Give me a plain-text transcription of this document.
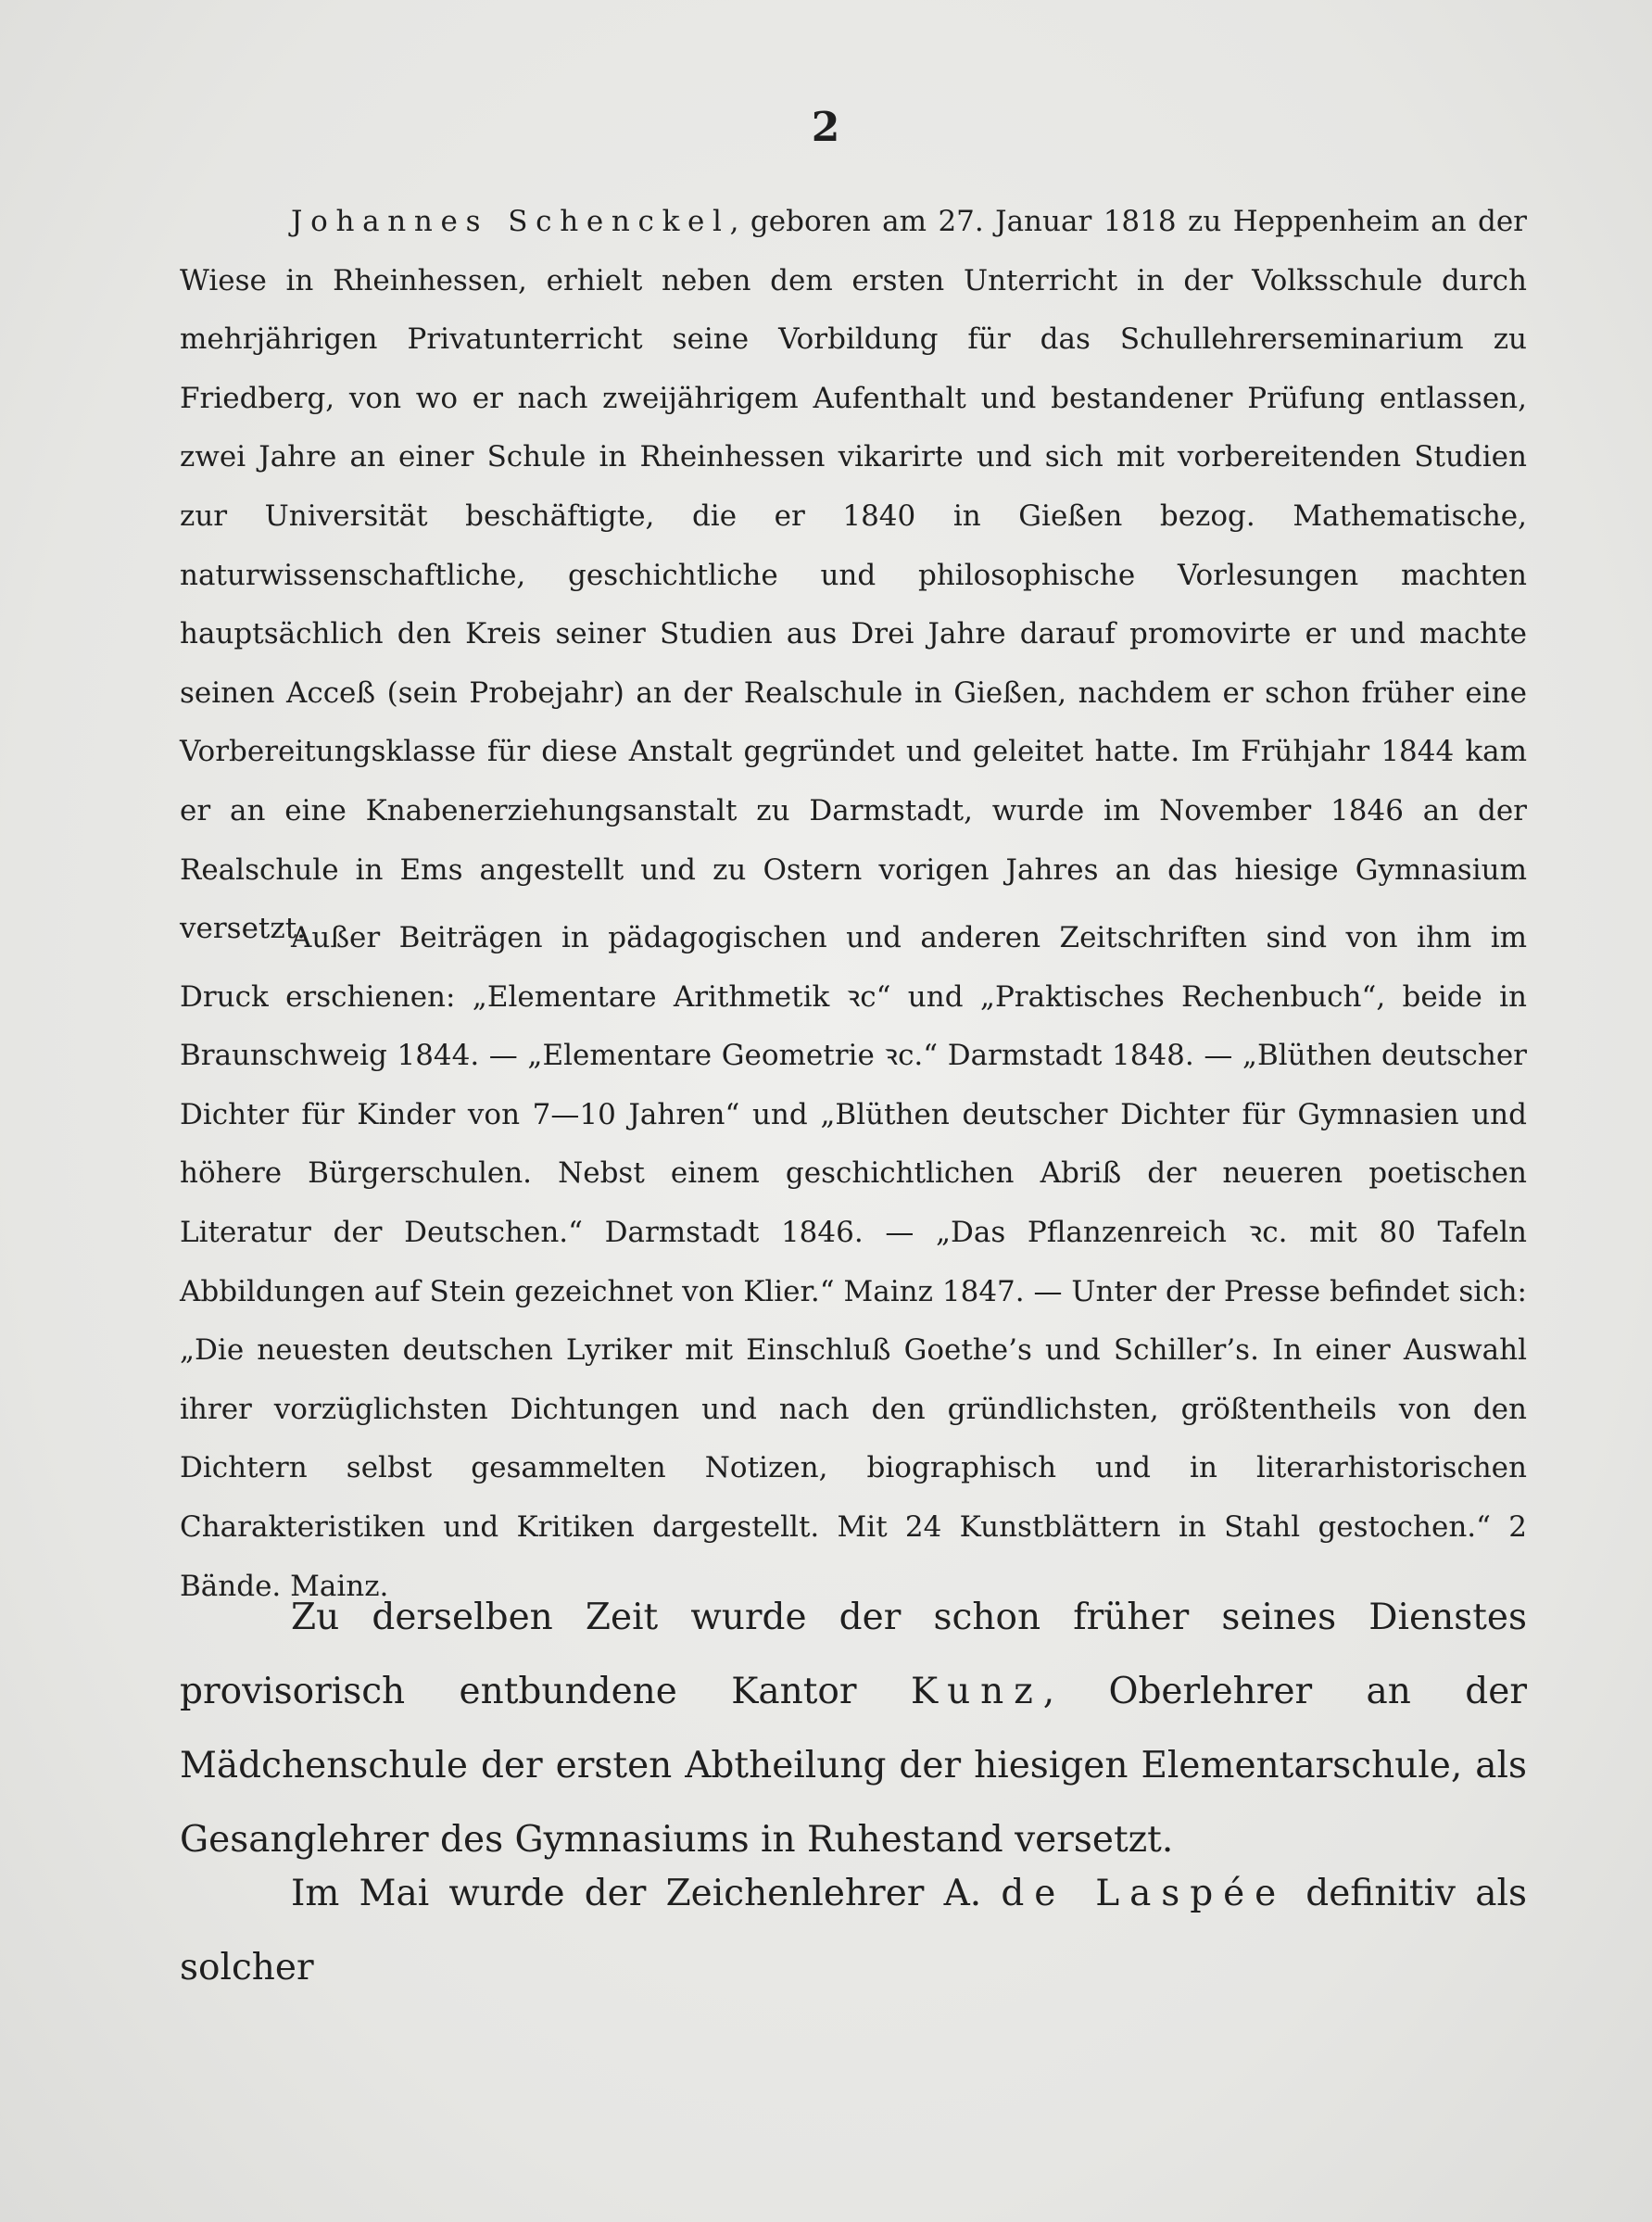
2

Johannes Schenckel, geboren am 27. Januar 1818 zu Heppenheim an der Wiese in Rheinhessen, erhielt neben dem ersten Unterricht in der Volksschule durch mehrjährigen Privatunterricht seine Vorbildung für das Schullehrerseminarium zu Friedberg, von wo er nach zweijährigem Aufenthalt und bestandener Prüfung entlassen, zwei Jahre an einer Schule in Rheinhessen vikarirte und sich mit vorbereitenden Studien zur Universität beschäftigte, die er 1840 in Gießen bezog. Mathematische, naturwissenschaftliche, geschichtliche und philosophische Vorlesungen machten hauptsächlich den Kreis seiner Studien aus Drei Jahre darauf promovirte er und machte seinen Acceß (sein Probejahr) an der Realschule in Gießen, nachdem er schon früher eine Vorbereitungsklasse für diese Anstalt gegründet und geleitet hatte. Im Frühjahr 1844 kam er an eine Knabenerziehungsanstalt zu Darmstadt, wurde im November 1846 an der Realschule in Ems angestellt und zu Ostern vorigen Jahres an das hiesige Gymnasium versetzt.

Außer Beiträgen in pädagogischen und anderen Zeitschriften sind von ihm im Druck erschienen: „Elementare Arithmetik ꝛc“ und „Praktisches Rechenbuch“, beide in Braunschweig 1844. — „Elementare Geometrie ꝛc.“ Darmstadt 1848. — „Blüthen deutscher Dichter für Kinder von 7—10 Jahren“ und „Blüthen deutscher Dichter für Gymnasien und höhere Bürgerschulen. Nebst einem geschichtlichen Abriß der neueren poetischen Literatur der Deutschen.“ Darmstadt 1846. — „Das Pflanzenreich ꝛc. mit 80 Tafeln Abbildungen auf Stein gezeichnet von Klier.“ Mainz 1847. — Unter der Presse befindet sich: „Die neuesten deutschen Lyriker mit Einschluß Goethe’s und Schiller’s. In einer Auswahl ihrer vorzüglichsten Dichtungen und nach den gründlichsten, größtentheils von den Dichtern selbst gesammelten Notizen, biographisch und in literarhistorischen Charakteristiken und Kritiken dargestellt. Mit 24 Kunstblättern in Stahl gestochen.“ 2 Bände. Mainz.

Zu derselben Zeit wurde der schon früher seines Dienstes provisorisch entbundene Kantor Kunz, Oberlehrer an der Mädchenschule der ersten Abtheilung der hiesigen Elementarschule, als Gesanglehrer des Gymnasiums in Ruhestand versetzt.

Im Mai wurde der Zeichenlehrer A. de Laspée definitiv als solcher
